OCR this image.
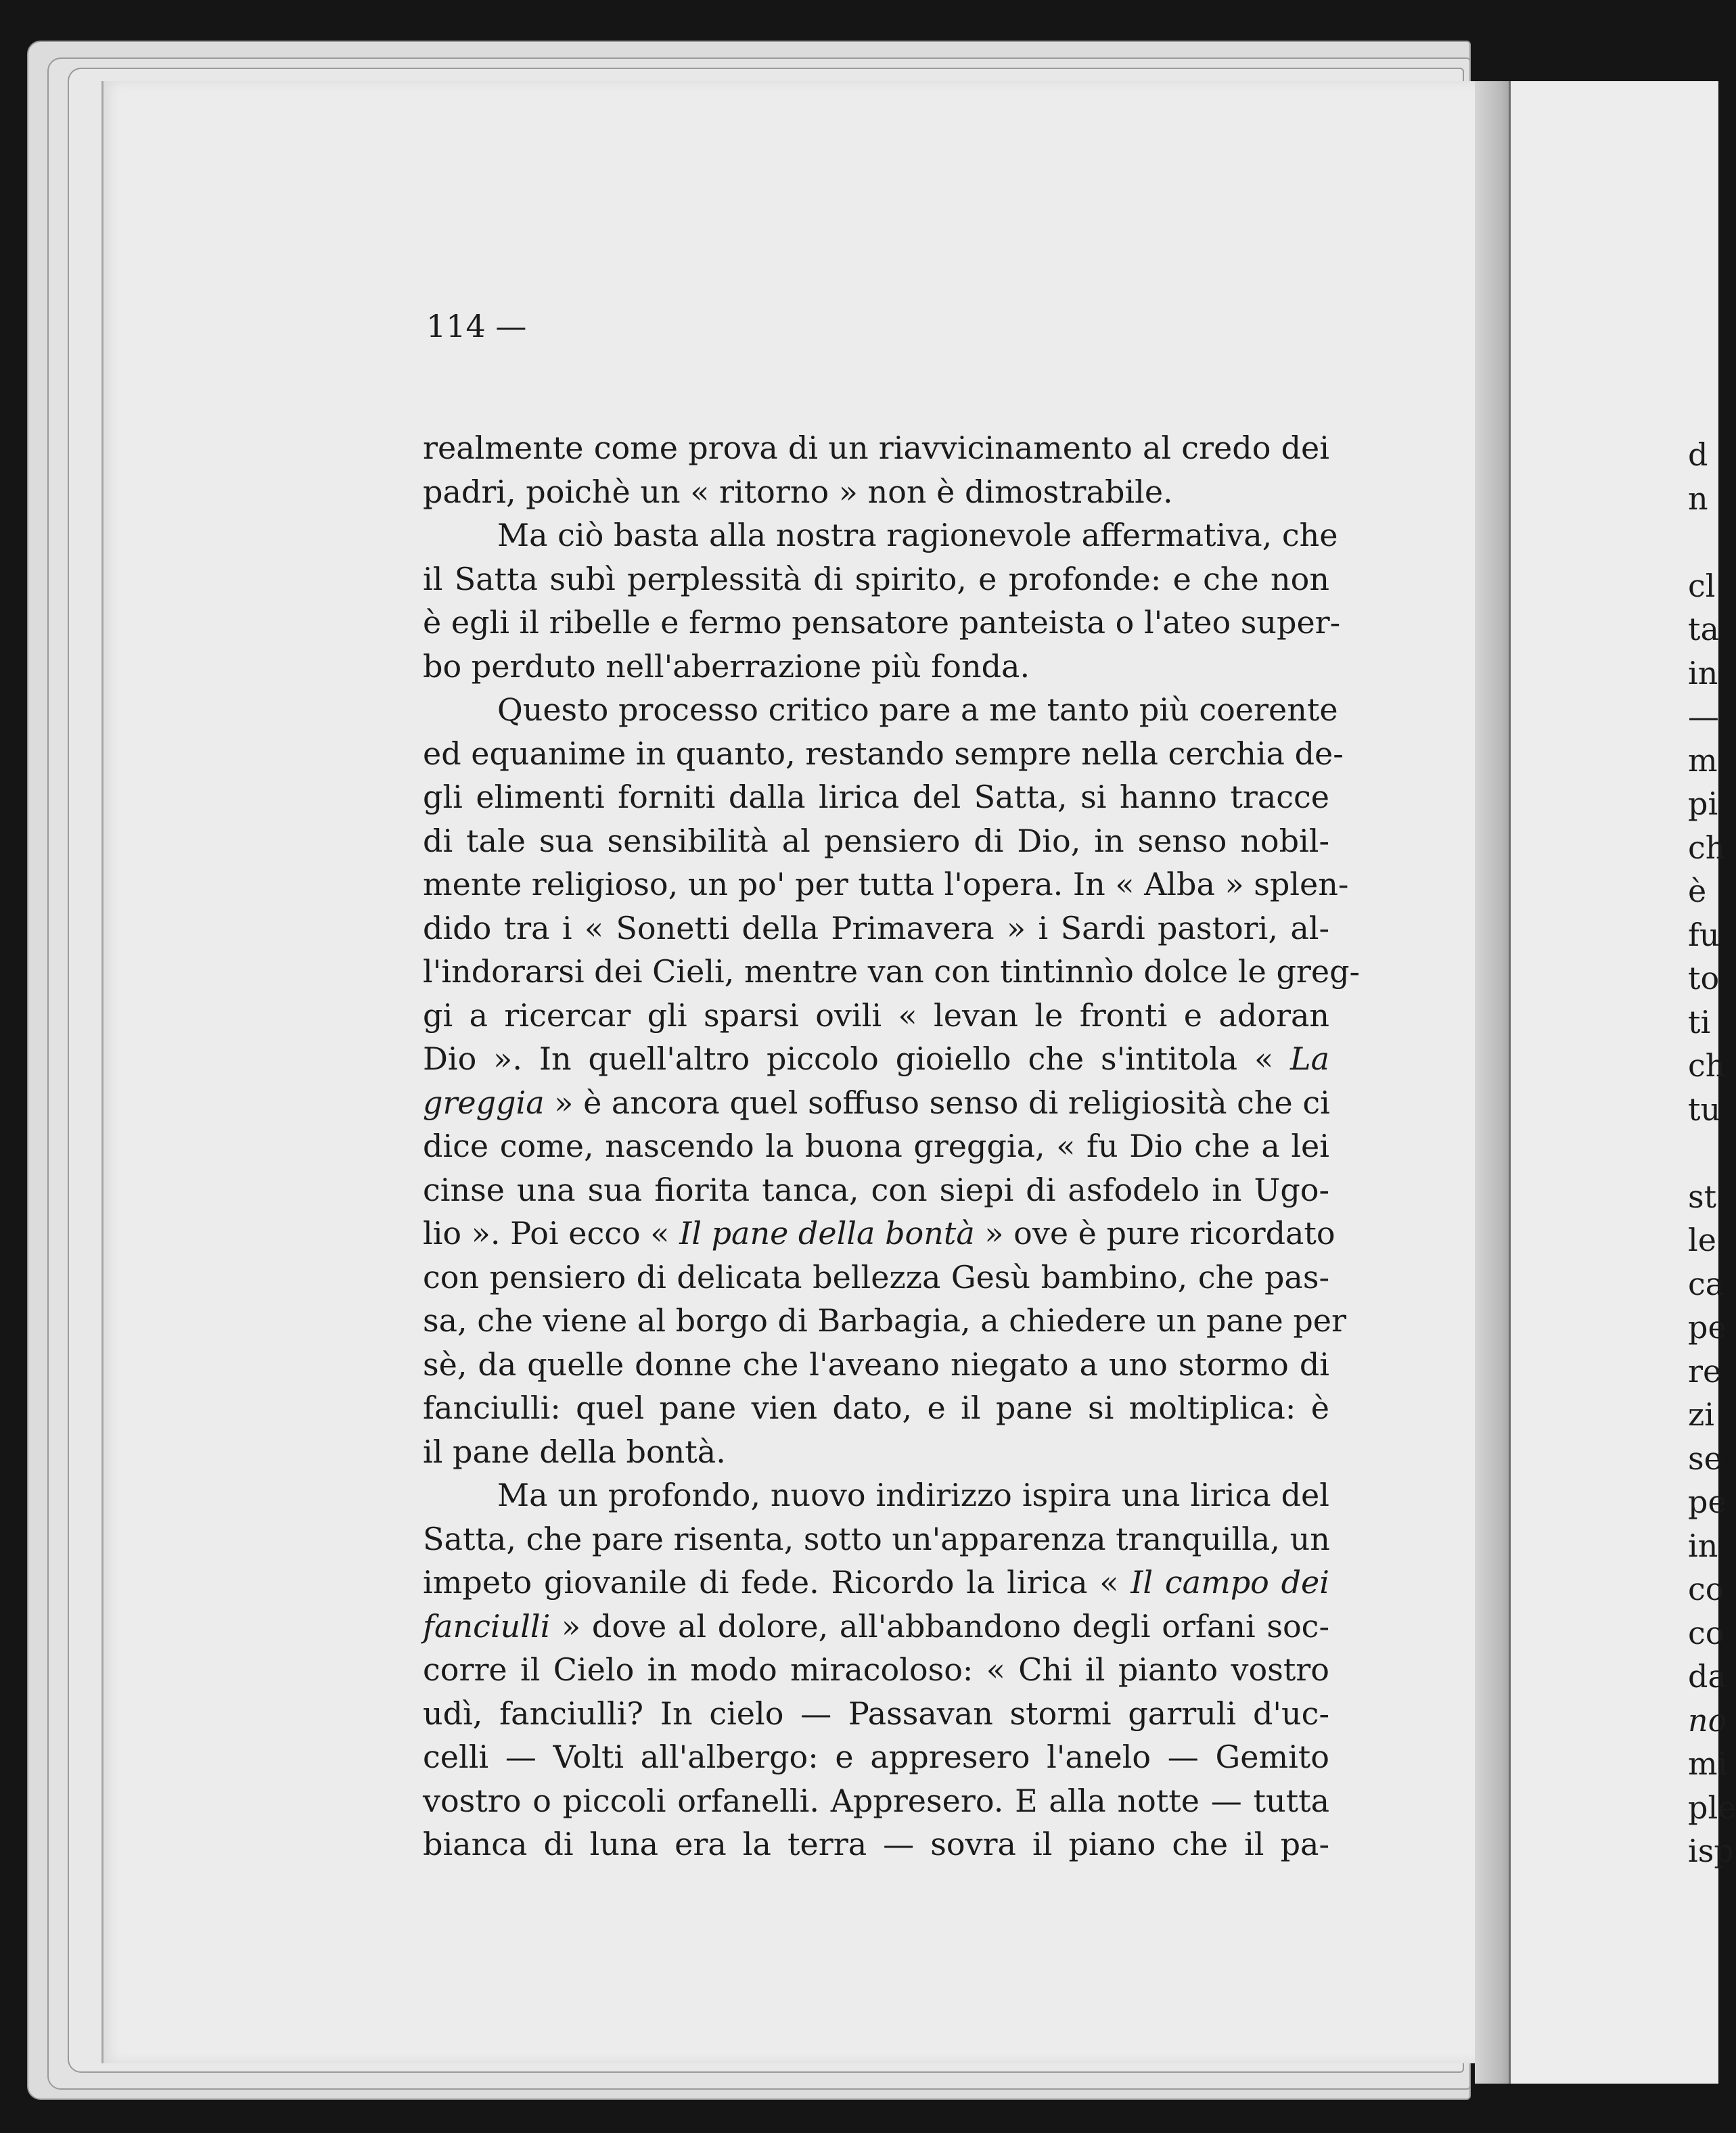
114 —
realmente come prova di un riavvicinamento al credo dei
padri, poichè un « ritorno » non è dimostrabile.
Ma ciò basta alla nostra ragionevole affermativa, che
il Satta subì perplessità di spirito, e profonde: e che non
è egli il ribelle e fermo pensatore panteista o l'ateo super-
bo perduto nell'aberrazione più fonda.
Questo processo critico pare a me tanto più coerente
ed equanime in quanto, restando sempre nella cerchia de-
gli elimenti forniti dalla lirica del Satta, si hanno tracce
di tale sua sensibilità al pensiero di Dio, in senso nobil-
mente religioso, un po' per tutta l'opera. In « Alba » splen-
dido tra i « Sonetti della Primavera » i Sardi pastori, al-
l'indorarsi dei Cieli, mentre van con tintinnìo dolce le greg-
gi a ricercar gli sparsi ovili « levan le fronti e adoran
Dio ». In quell'altro piccolo gioiello che s'intitola « La
greggia » è ancora quel soffuso senso di religiosità che ci
dice come, nascendo la buona greggia, « fu Dio che a lei
cinse una sua fiorita tanca, con siepi di asfodelo in Ugo-
lio ». Poi ecco « Il pane della bontà » ove è pure ricordato
con pensiero di delicata bellezza Gesù bambino, che pas-
sa, che viene al borgo di Barbagia, a chiedere un pane per
sè, da quelle donne che l'aveano niegato a uno stormo di
fanciulli: quel pane vien dato, e il pane si moltiplica: è
il pane della bontà.
Ma un profondo, nuovo indirizzo ispira una lirica del
Satta, che pare risenta, sotto un'apparenza tranquilla, un
impeto giovanile di fede. Ricordo la lirica « Il campo dei
fanciulli » dove al dolore, all'abbandono degli orfani soc-
corre il Cielo in modo miracoloso: « Chi il pianto vostro
udì, fanciulli? In cielo — Passavan stormi garruli d'uc-
celli — Volti all'albergo: e appresero l'anelo — Gemito
vostro o piccoli orfanelli. Appresero. E alla notte — tutta
bianca di luna era la terra — sovra il piano che il pa-
d
n
cl
ta
in
—
m
pi
ch
è
fu
to
ti
ch
tu
st
le
ca
pe
re
zi
se
pe
in
co
co
da
no
mi
ple
isp
